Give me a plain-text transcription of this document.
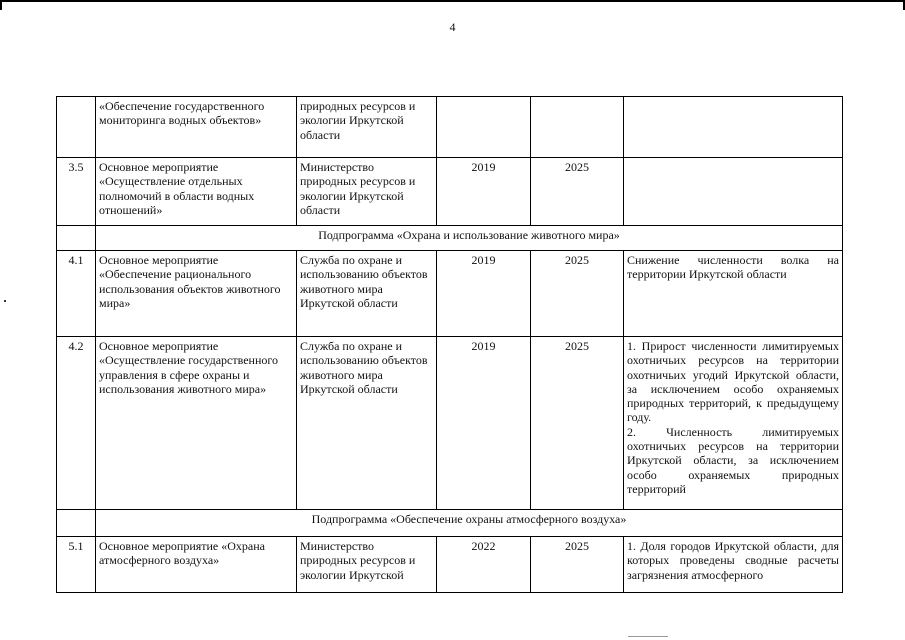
4
	«Обеспечение государственного мониторинга водных объектов»	природных ресурсов и экологии Иркутской области			
3.5	Основное мероприятие «Осуществление отдельных полномочий в области водных отношений»	Министерство природных ресурсов и экологии Иркутской области	2019	2025	
	Подпрограмма «Охрана и использование животного мира»				
4.1	Основное мероприятие «Обеспечение рационального использования объектов животного мира»	Служба по охране и использованию объектов животного мира Иркутской области	2019	2025	Снижение численности волка на территории Иркутской области

4.2	Основное мероприятие «Осуществление государственного управления в сфере охраны и использования животного мира»	Служба по охране и использованию объектов животного мира Иркутской области	2019	2025	1. Прирост численности лимитируемых охотничьих ресурсов на территории охотничьих угодий Иркутской области, за исключением особо охраняемых природных территорий, к предыдущему году.
2. Численность лимитируемых охотничьих ресурсов на территории Иркутской области, за исключением особо охраняемых природных территорий

	Подпрограмма «Обеспечение охраны атмосферного воздуха»				
5.1	Основное мероприятие «Охрана атмосферного воздуха»	Министерство природных ресурсов и экологии Иркутской	2022	2025	1. Доля городов Иркутской области, для которых проведены сводные расчеты загрязнения атмосферного
